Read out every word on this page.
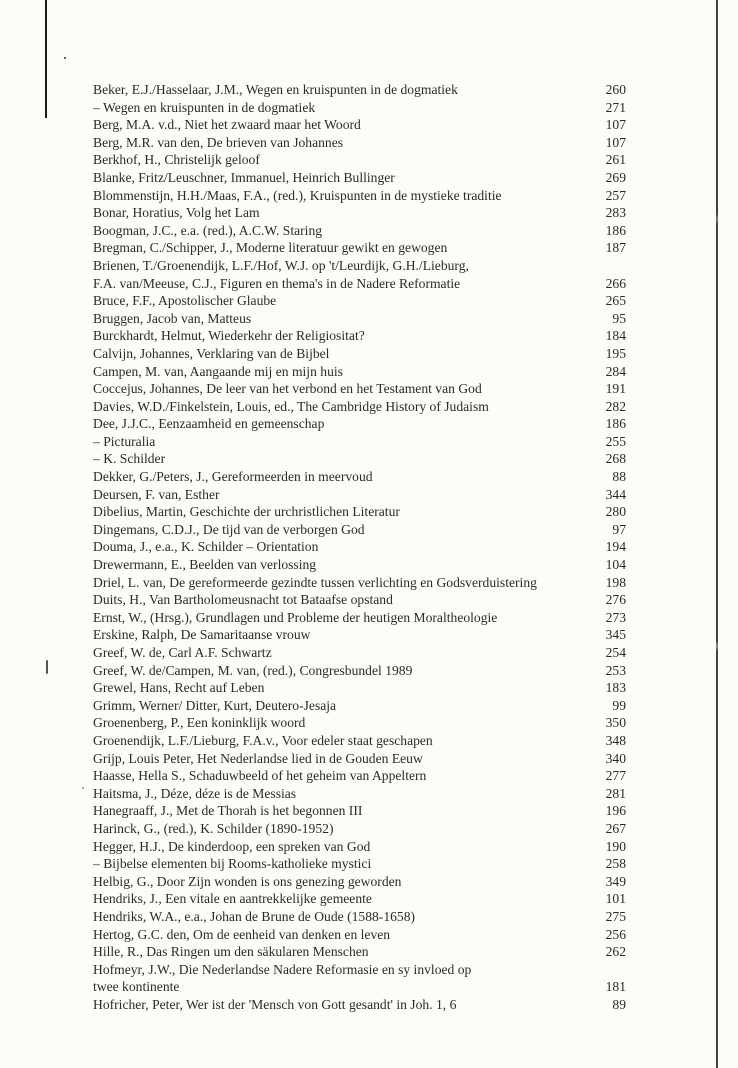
Beker, E.J./Hasselaar, J.M., Wegen en kruispunten in de dogmatiek	260
– Wegen en kruispunten in de dogmatiek	271
Berg, M.A. v.d., Niet het zwaard maar het Woord	107
Berg, M.R. van den, De brieven van Johannes	107
Berkhof, H., Christelijk geloof	261
Blanke, Fritz/Leuschner, Immanuel, Heinrich Bullinger	269
Blommenstijn, H.H./Maas, F.A., (red.), Kruispunten in de mystieke traditie	257
Bonar, Horatius, Volg het Lam	283
Boogman, J.C., e.a. (red.), A.C.W. Staring	186
Bregman, C./Schipper, J., Moderne literatuur gewikt en gewogen	187
Brienen, T./Groenendijk, L.F./Hof, W.J. op 't/Leurdijk, G.H./Lieburg,
F.A. van/Meeuse, C.J., Figuren en thema's in de Nadere Reformatie	266
Bruce, F.F., Apostolischer Glaube	265
Bruggen, Jacob van, Matteus	95
Burckhardt, Helmut, Wiederkehr der Religiositat?	184
Calvijn, Johannes, Verklaring van de Bijbel	195
Campen, M. van, Aangaande mij en mijn huis	284
Coccejus, Johannes, De leer van het verbond en het Testament van God	191
Davies, W.D./Finkelstein, Louis, ed., The Cambridge History of Judaism	282
Dee, J.J.C., Eenzaamheid en gemeenschap	186
– Picturalia	255
– K. Schilder	268
Dekker, G./Peters, J., Gereformeerden in meervoud	88
Deursen, F. van, Esther	344
Dibelius, Martin, Geschichte der urchristlichen Literatur	280
Dingemans, C.D.J., De tijd van de verborgen God	97
Douma, J., e.a., K. Schilder – Orientation	194
Drewermann, E., Beelden van verlossing	104
Driel, L. van, De gereformeerde gezindte tussen verlichting en Godsverduistering	198
Duits, H., Van Bartholomeusnacht tot Bataafse opstand	276
Ernst, W., (Hrsg.), Grundlagen und Probleme der heutigen Moraltheologie	273
Erskine, Ralph, De Samaritaanse vrouw	345
Greef, W. de, Carl A.F. Schwartz	254
Greef, W. de/Campen, M. van, (red.), Congresbundel 1989	253
Grewel, Hans, Recht auf Leben	183
Grimm, Werner/ Ditter, Kurt, Deutero-Jesaja	99
Groenenberg, P., Een koninklijk woord	350
Groenendijk, L.F./Lieburg, F.A.v., Voor edeler staat geschapen	348
Grijp, Louis Peter, Het Nederlandse lied in de Gouden Eeuw	340
Haasse, Hella S., Schaduwbeeld of het geheim van Appeltern	277
Haitsma, J., Déze, déze is de Messias	281
Hanegraaff, J., Met de Thorah is het begonnen III	196
Harinck, G., (red.), K. Schilder (1890-1952)	267
Hegger, H.J., De kinderdoop, een spreken van God	190
– Bijbelse elementen bij Rooms-katholieke mystici	258
Helbig, G., Door Zijn wonden is ons genezing geworden	349
Hendriks, J., Een vitale en aantrekkelijke gemeente	101
Hendriks, W.A., e.a., Johan de Brune de Oude (1588-1658)	275
Hertog, G.C. den, Om de eenheid van denken en leven	256
Hille, R., Das Ringen um den säkularen Menschen	262
Hofmeyr, J.W., Die Nederlandse Nadere Reformasie en sy invloed op
twee kontinente	181
Hofricher, Peter, Wer ist der 'Mensch von Gott gesandt' in Joh. 1, 6	89
